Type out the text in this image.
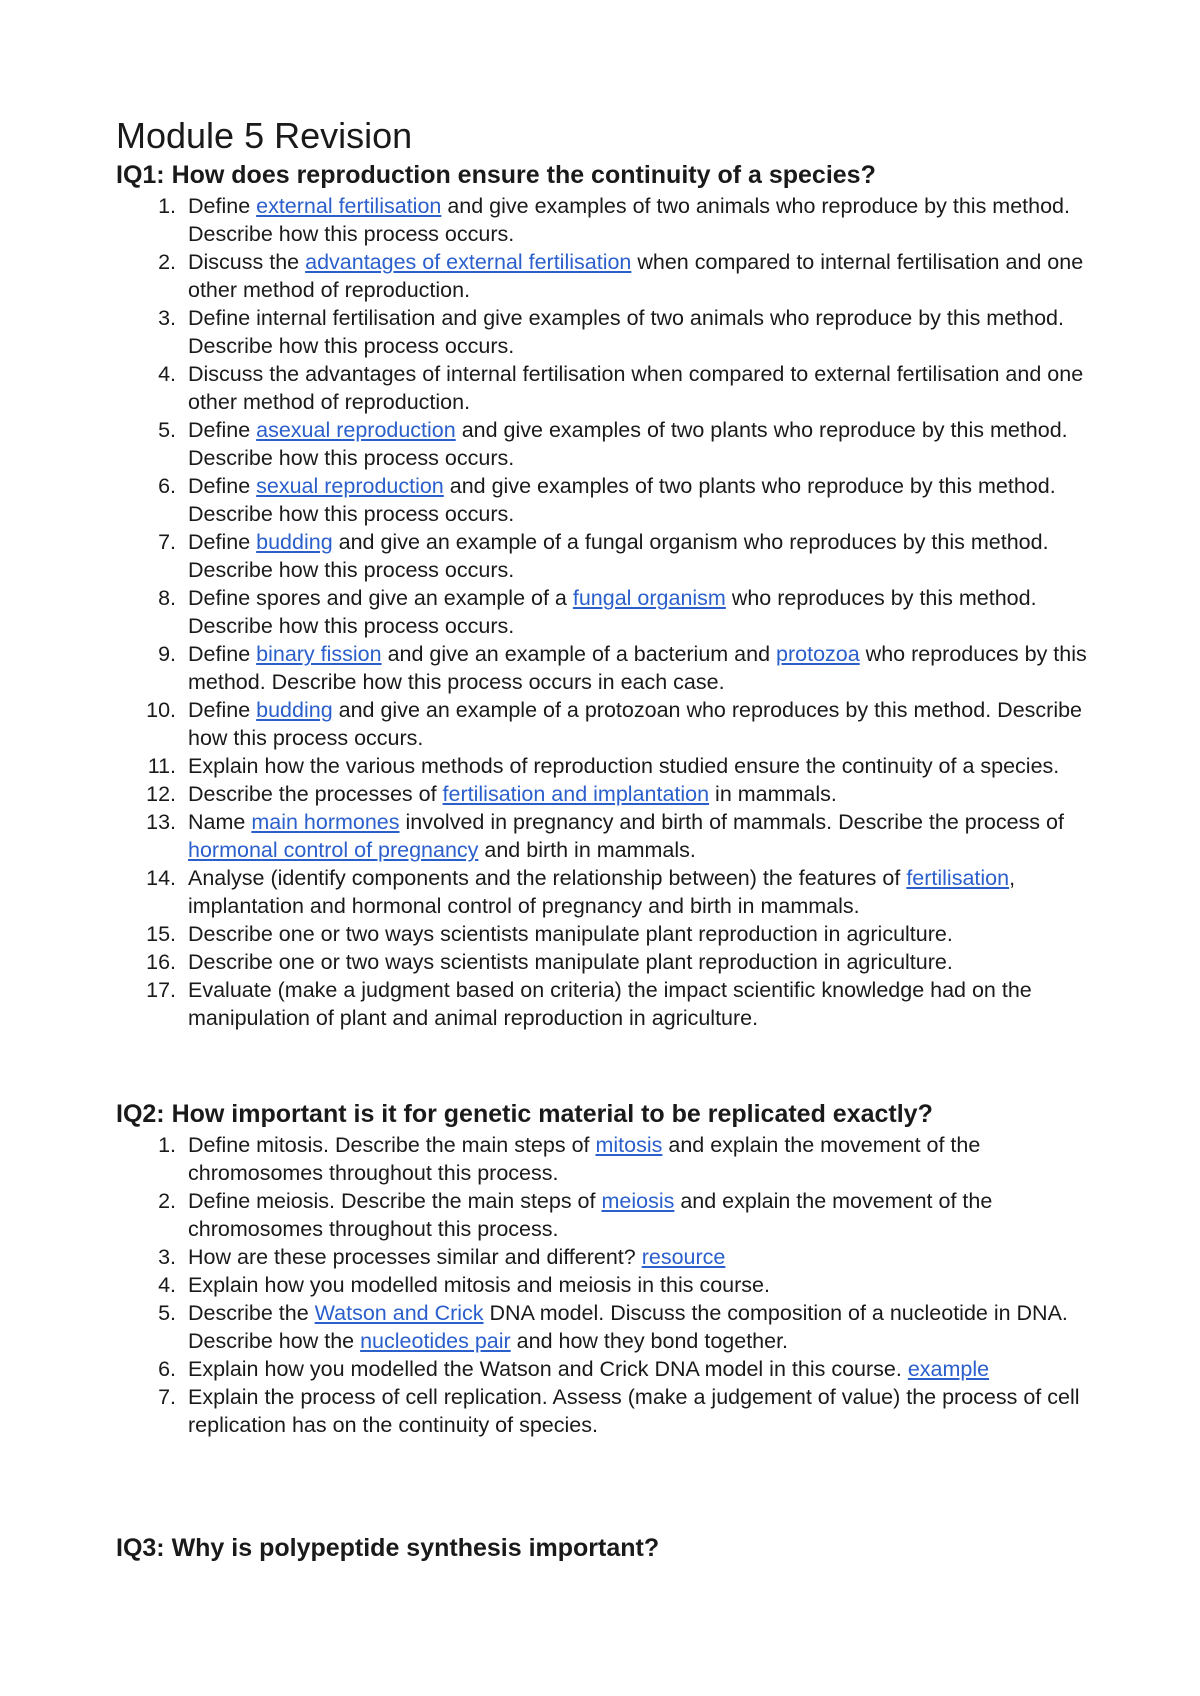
Module 5 Revision
IQ1: How does reproduction ensure the continuity of a species?
1. Define external fertilisation and give examples of two animals who reproduce by this method. Describe how this process occurs.
2. Discuss the advantages of external fertilisation when compared to internal fertilisation and one other method of reproduction.
3. Define internal fertilisation and give examples of two animals who reproduce by this method. Describe how this process occurs.
4. Discuss the advantages of internal fertilisation when compared to external fertilisation and one other method of reproduction.
5. Define asexual reproduction and give examples of two plants who reproduce by this method. Describe how this process occurs.
6. Define sexual reproduction and give examples of two plants who reproduce by this method. Describe how this process occurs.
7. Define budding and give an example of a fungal organism who reproduces by this method. Describe how this process occurs.
8. Define spores and give an example of a fungal organism who reproduces by this method. Describe how this process occurs.
9. Define binary fission and give an example of a bacterium and protozoa who reproduces by this method. Describe how this process occurs in each case.
10. Define budding and give an example of a protozoan who reproduces by this method. Describe how this process occurs.
11. Explain how the various methods of reproduction studied ensure the continuity of a species.
12. Describe the processes of fertilisation and implantation in mammals.
13. Name main hormones involved in pregnancy and birth of mammals. Describe the process of hormonal control of pregnancy and birth in mammals.
14. Analyse (identify components and the relationship between) the features of fertilisation, implantation and hormonal control of pregnancy and birth in mammals.
15. Describe one or two ways scientists manipulate plant reproduction in agriculture.
16. Describe one or two ways scientists manipulate plant reproduction in agriculture.
17. Evaluate (make a judgment based on criteria) the impact scientific knowledge had on the manipulation of plant and animal reproduction in agriculture.
IQ2: How important is it for genetic material to be replicated exactly?
1. Define mitosis. Describe the main steps of mitosis and explain the movement of the chromosomes throughout this process.
2. Define meiosis. Describe the main steps of meiosis and explain the movement of the chromosomes throughout this process.
3. How are these processes similar and different? resource
4. Explain how you modelled mitosis and meiosis in this course.
5. Describe the Watson and Crick DNA model. Discuss the composition of a nucleotide in DNA. Describe how the nucleotides pair and how they bond together.
6. Explain how you modelled the Watson and Crick DNA model in this course. example
7. Explain the process of cell replication. Assess (make a judgement of value) the process of cell replication has on the continuity of species.
IQ3: Why is polypeptide synthesis important?
